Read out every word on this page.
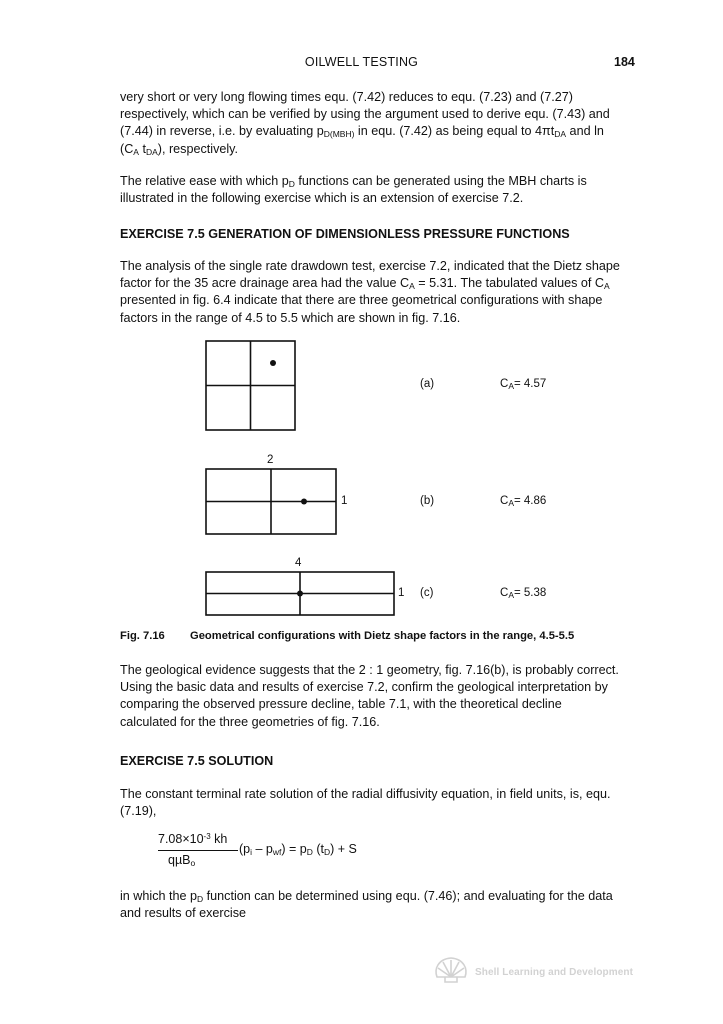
OILWELL TESTING	184

very short or very long flowing times equ. (7.42) reduces to equ. (7.23) and (7.27) respectively, which can be verified by using the argument used to derive equ. (7.43) and (7.44) in reverse, i.e. by evaluating $p_{D(MBH)}$ in equ. (7.42) as being equal to $4\pi t_{DA}$ and $\ln (C_A$ $t_{DA}$), respectively.

The relative ease with which $p_D$ functions can be generated using the MBH charts is illustrated in the following exercise which is an extension of exercise 7.2.

EXERCISE 7.5 GENERATION OF DIMENSIONLESS PRESSURE FUNCTIONS

The analysis of the single rate drawdown test, exercise 7.2, indicated that the Dietz shape factor for the 35 acre drainage area had the value $C_A = 5.31$. The tabulated values of $C_A$ presented in fig. 6.4 indicate that there are three geometrical configurations with shape factors in the range of 4.5 to 5.5 which are shown in fig. 7.16.

(a)	$C_A= 4.57$
2
1	(b)	$C_A= 4.86$
4
1 (c)	$C_A= 5.38$
Fig. 7.16 Geometrical configurations with Dietz shape factors in the range, 4.5-5.5

The geological evidence suggests that the 2 : 1 geometry, fig. 7.16(b), is probably correct. Using the basic data and results of exercise 7.2, confirm the geological interpretation by comparing the observed pressure decline, table 7.1, with the theoretical decline calculated for the three geometries of fig. 7.16.

EXERCISE 7.5 SOLUTION

The constant terminal rate solution of the radial diffusivity equation, in field units, is, equ. (7.19),

$7.08\times 10^{-3}$ kh
qµB$_o$
$(p_i - p_{wf}) = p_D$ $(t_D) + S$

in which the $p_D$ function can be determined using equ. (7.46); and evaluating for the data and results of exercise

Shell Learning and Development
